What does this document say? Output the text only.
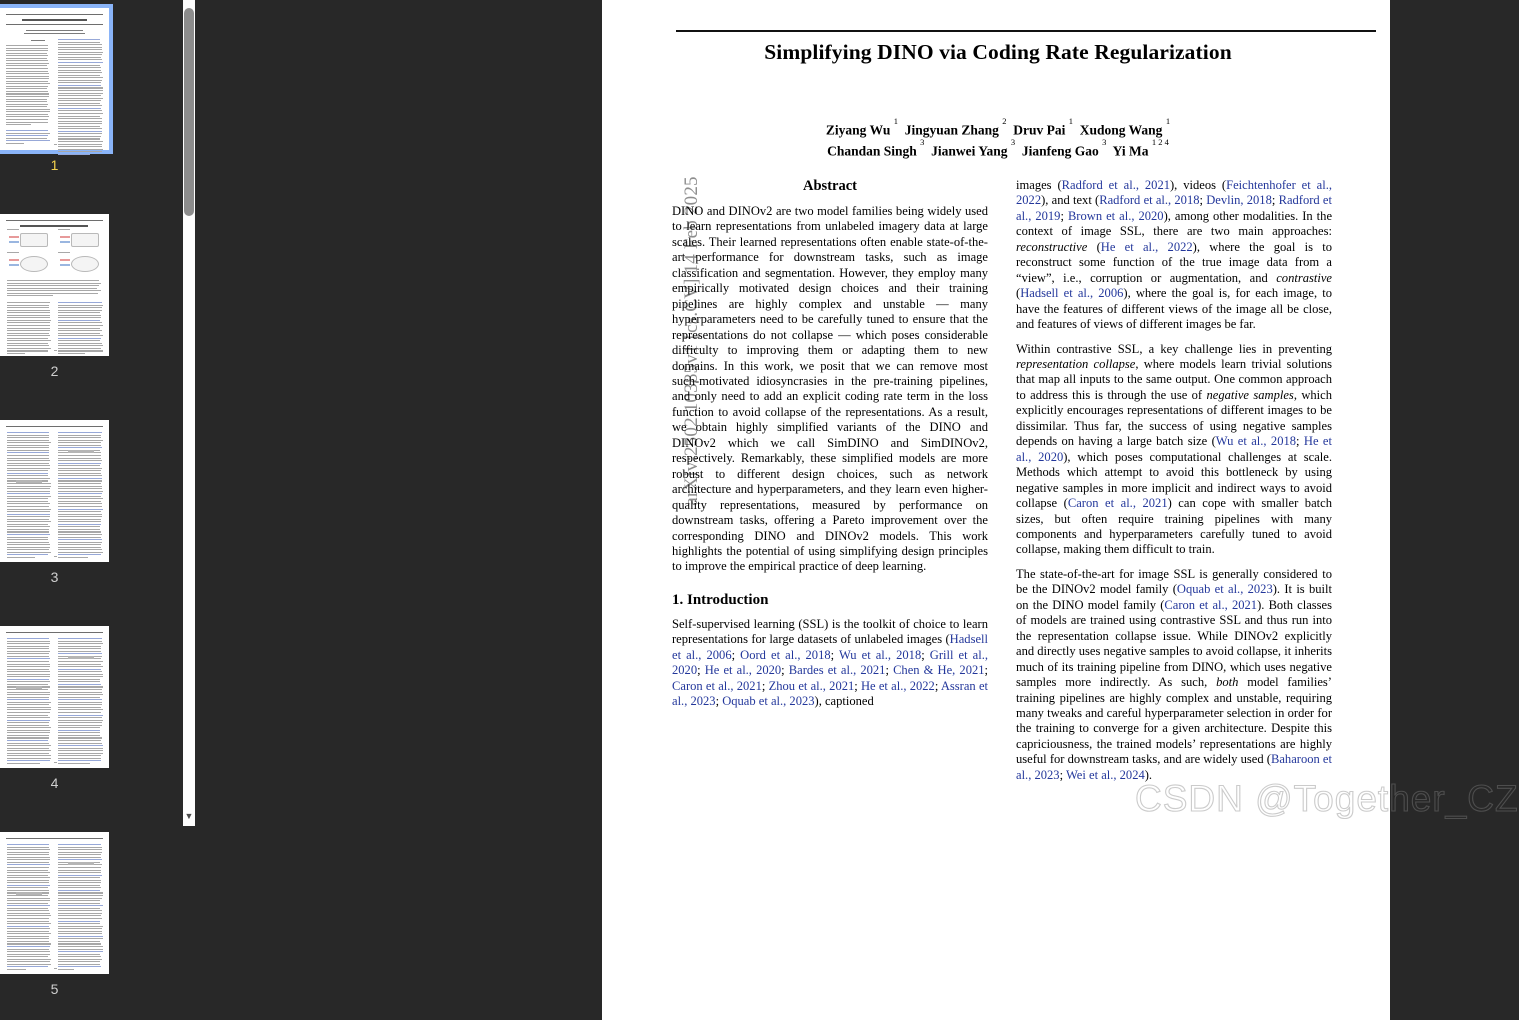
1
2
3
4
5
▼
arXiv:2502.10385v1 [cs.CV] 14 Feb 2025
Simplifying DINO via Coding Rate Regularization
Ziyang Wu $^1$  Jingyuan Zhang $^2$  Druv Pai $^1$  Xudong Wang $^1$
Chandan Singh $^3$  Jianwei Yang $^3$  Jianfeng Gao $^3$  Yi Ma $^{1 2 4}$
Abstract

DINO and DINOv2 are two model families being widely used to learn representations from unlabeled imagery data at large scales. Their learned representations often enable state-of-the-art performance for downstream tasks, such as image classification and segmentation. However, they employ many empirically motivated design choices and their training pipelines are highly complex and unstable — many hyperparameters need to be carefully tuned to ensure that the representations do not collapse — which poses considerable difficulty to improving them or adapting them to new domains. In this work, we posit that we can remove most such-motivated idiosyncrasies in the pre-training pipelines, and only need to add an explicit coding rate term in the loss function to avoid collapse of the representations. As a result, we obtain highly simplified variants of the DINO and DINOv2 which we call SimDINO and SimDINOv2, respectively. Remarkably, these simplified models are more robust to different design choices, such as network architecture and hyperparameters, and they learn even higher-quality representations, measured by performance on downstream tasks, offering a Pareto improvement over the corresponding DINO and DINOv2 models. This work highlights the potential of using simplifying design principles to improve the empirical practice of deep learning.

1. Introduction

Self-supervised learning (SSL) is the toolkit of choice to learn representations for large datasets of unlabeled images (Hadsell et al., 2006; Oord et al., 2018; Wu et al., 2018; Grill et al., 2020; He et al., 2020; Bardes et al., 2021; Chen & He, 2021; Caron et al., 2021; Zhou et al., 2021; He et al., 2022; Assran et al., 2023; Oquab et al., 2023), captioned

images (Radford et al., 2021), videos (Feichtenhofer et al., 2022), and text (Radford et al., 2018; Devlin, 2018; Radford et al., 2019; Brown et al., 2020), among other modalities. In the context of image SSL, there are two main approaches: reconstructive (He et al., 2022), where the goal is to reconstruct some function of the true image data from a “view”, i.e., corruption or augmentation, and contrastive (Hadsell et al., 2006), where the goal is, for each image, to have the features of different views of the image all be close, and features of views of different images be far.

Within contrastive SSL, a key challenge lies in preventing representation collapse, where models learn trivial solutions that map all inputs to the same output. One common approach to address this is through the use of negative samples, which explicitly encourages representations of different images to be dissimilar. Thus far, the success of using negative samples depends on having a large batch size (Wu et al., 2018; He et al., 2020), which poses computational challenges at scale. Methods which attempt to avoid this bottleneck by using negative samples in more implicit and indirect ways to avoid collapse (Caron et al., 2021) can cope with smaller batch sizes, but often require training pipelines with many components and hyperparameters carefully tuned to avoid collapse, making them difficult to train.

The state-of-the-art for image SSL is generally considered to be the DINOv2 model family (Oquab et al., 2023). It is built on the DINO model family (Caron et al., 2021). Both classes of models are trained using contrastive SSL and thus run into the representation collapse issue. While DINOv2 explicitly and directly uses negative samples to avoid collapse, it inherits much of its training pipeline from DINO, which uses negative samples more indirectly. As such, both model families’ training pipelines are highly complex and unstable, requiring many tweaks and careful hyperparameter selection in order for the training to converge for a given architecture. Despite this capriciousness, the trained models’ representations are highly useful for downstream tasks, and are widely used (Baharoon et al., 2023; Wei et al., 2024).
